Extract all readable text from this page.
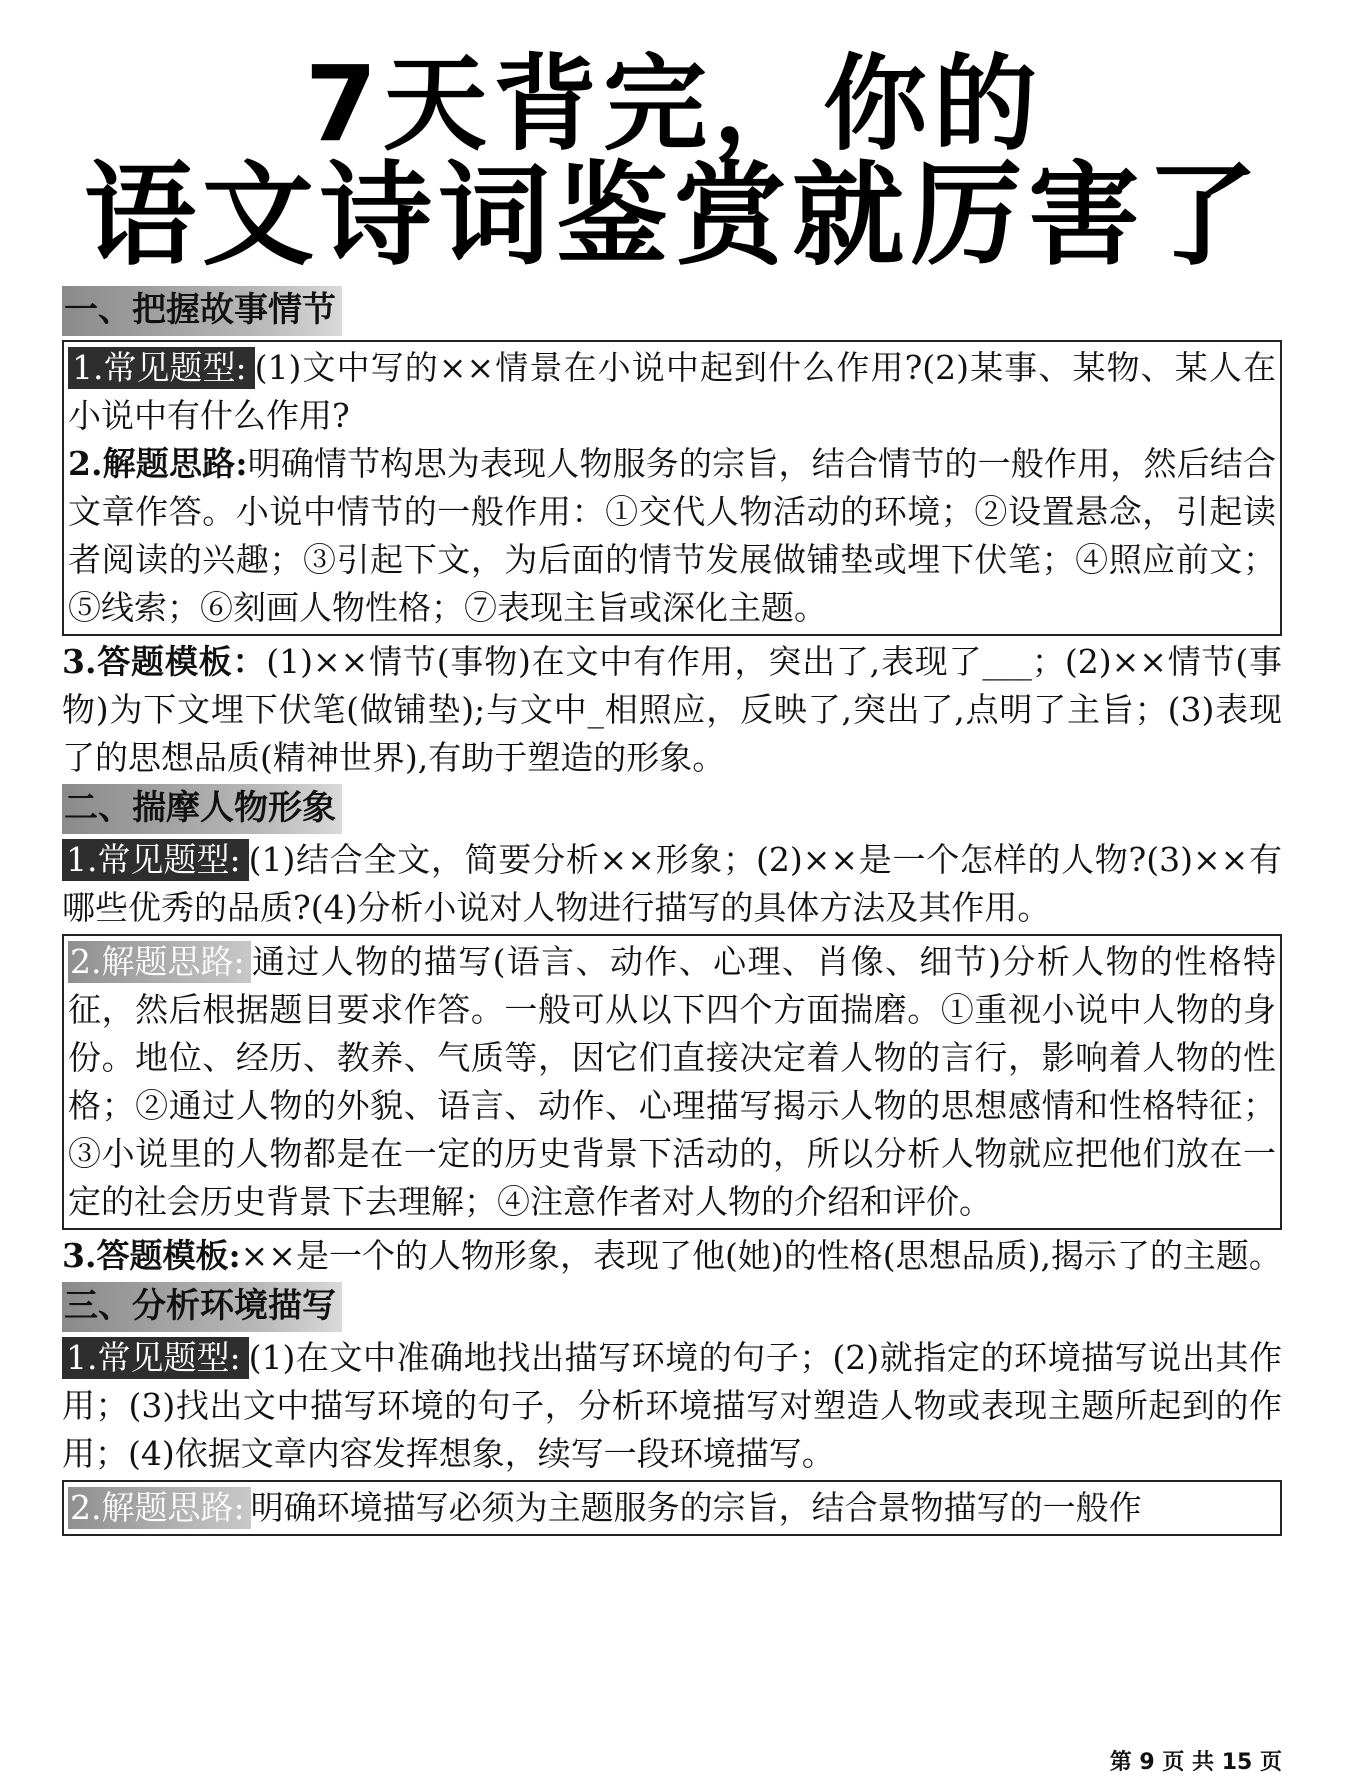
7天背完，你的
语文诗词鉴赏就厉害了
一、把握故事情节

1.常见题型: (1)文中写的××情景在小说中起到什么作用?(2)某事、某物、某人在小说中有什么作用?

2.解题思路:明确情节构思为表现人物服务的宗旨，结合情节的一般作用，然后结合文章作答。小说中情节的一般作用：①交代人物活动的环境；②设置悬念，引起读者阅读的兴趣；③引起下文，为后面的情节发展做铺垫或埋下伏笔；④照应前文；⑤线索；⑥刻画人物性格；⑦表现主旨或深化主题。

3.答题模板：(1)××情节(事物)在文中有作用，突出了,表现了___；(2)××情节(事物)为下文埋下伏笔(做铺垫);与文中_相照应，反映了,突出了,点明了主旨；(3)表现了的思想品质(精神世界),有助于塑造的形象。

二、揣摩人物形象

1.常见题型: (1)结合全文，简要分析××形象；(2)××是一个怎样的人物?(3)××有哪些优秀的品质?(4)分析小说对人物进行描写的具体方法及其作用。

2.解题思路: 通过人物的描写(语言、动作、心理、肖像、细节)分析人物的性格特征，然后根据题目要求作答。一般可从以下四个方面揣磨。①重视小说中人物的身份。地位、经历、教养、气质等，因它们直接决定着人物的言行，影响着人物的性格；②通过人物的外貌、语言、动作、心理描写揭示人物的思想感情和性格特征；③小说里的人物都是在一定的历史背景下活动的，所以分析人物就应把他们放在一定的社会历史背景下去理解；④注意作者对人物的介绍和评价。

3.答题模板:××是一个的人物形象，表现了他(她)的性格(思想品质),揭示了的主题。

三、分析环境描写

1.常见题型: (1)在文中准确地找出描写环境的句子；(2)就指定的环境描写说出其作用；(3)找出文中描写环境的句子，分析环境描写对塑造人物或表现主题所起到的作用；(4)依据文章内容发挥想象，续写一段环境描写。

2.解题思路: 明确环境描写必须为主题服务的宗旨，结合景物描写的一般作

第 9 页 共 15 页
